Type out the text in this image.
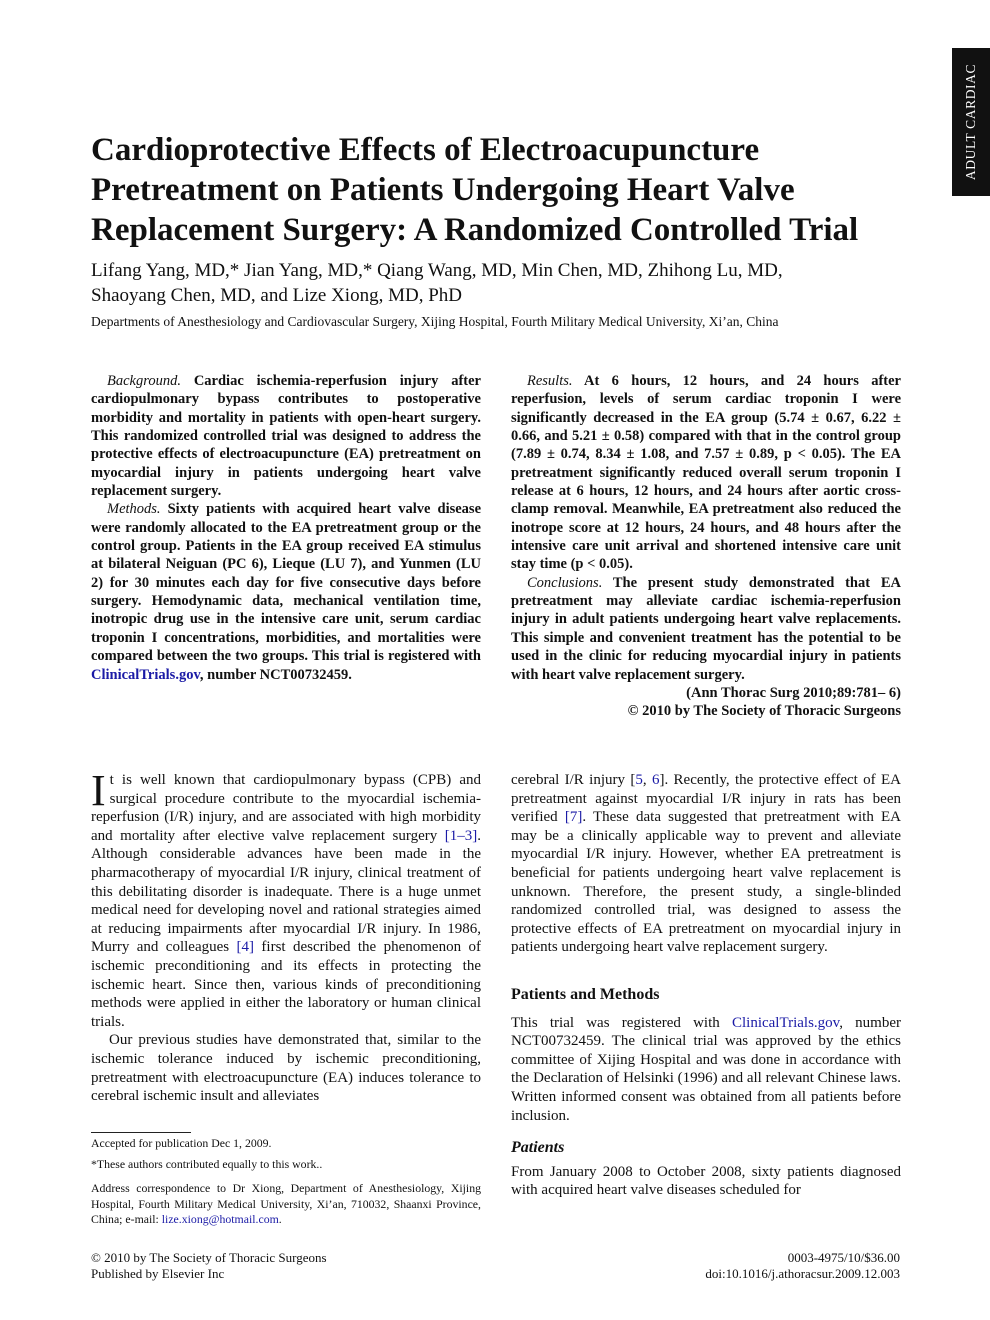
ADULT CARDIAC
Cardioprotective Effects of Electroacupuncture Pretreatment on Patients Undergoing Heart Valve Replacement Surgery: A Randomized Controlled Trial
Lifang Yang, MD,* Jian Yang, MD,* Qiang Wang, MD, Min Chen, MD, Zhihong Lu, MD,
Shaoyang Chen, MD, and Lize Xiong, MD, PhD
Departments of Anesthesiology and Cardiovascular Surgery, Xijing Hospital, Fourth Military Medical University, Xi’an, China

Background. Cardiac ischemia-reperfusion injury after cardiopulmonary bypass contributes to postoperative morbidity and mortality in patients with open-heart surgery. This randomized controlled trial was designed to address the protective effects of electroacupuncture (EA) pretreatment on myocardial injury in patients undergoing heart valve replacement surgery.

Methods. Sixty patients with acquired heart valve disease were randomly allocated to the EA pretreatment group or the control group. Patients in the EA group received EA stimulus at bilateral Neiguan (PC 6), Lieque (LU 7), and Yunmen (LU 2) for 30 minutes each day for five consecutive days before surgery. Hemodynamic data, mechanical ventilation time, inotropic drug use in the intensive care unit, serum cardiac troponin I concentrations, morbidities, and mortalities were compared between the two groups. This trial is registered with ClinicalTrials.gov, number NCT00732459.

Results. At 6 hours, 12 hours, and 24 hours after reperfusion, levels of serum cardiac troponin I were significantly decreased in the EA group (5.74 ± 0.67, 6.22 ± 0.66, and 5.21 ± 0.58) compared with that in the control group (7.89 ± 0.74, 8.34 ± 1.08, and 7.57 ± 0.89, p < 0.05). The EA pretreatment significantly reduced overall serum troponin I release at 6 hours, 12 hours, and 24 hours after aortic cross-clamp removal. Meanwhile, EA pretreatment also reduced the inotrope score at 12 hours, 24 hours, and 48 hours after the intensive care unit arrival and shortened intensive care unit stay time (p < 0.05).

Conclusions. The present study demonstrated that EA pretreatment may alleviate cardiac ischemia-reperfusion injury in adult patients undergoing heart valve replacements. This simple and convenient treatment has the potential to be used in the clinic for reducing myocardial injury in patients with heart valve replacement surgery.

(Ann Thorac Surg 2010;89:781– 6)
© 2010 by The Society of Thoracic Surgeons

It is well known that cardiopulmonary bypass (CPB) and surgical procedure contribute to the myocardial ischemia-reperfusion (I/R) injury, and are associated with high morbidity and mortality after elective valve replacement surgery [1–3]. Although considerable advances have been made in the pharmacotherapy of myocardial I/R injury, clinical treatment of this debilitating disorder is inadequate. There is a huge unmet medical need for developing novel and rational strategies aimed at reducing impairments after myocardial I/R injury. In 1986, Murry and colleagues [4] first described the phenomenon of ischemic preconditioning and its effects in protecting the ischemic heart. Since then, various kinds of preconditioning methods were applied in either the laboratory or human clinical trials.

Our previous studies have demonstrated that, similar to the ischemic tolerance induced by ischemic preconditioning, pretreatment with electroacupuncture (EA) induces tolerance to cerebral ischemic insult and alleviates

cerebral I/R injury [5, 6]. Recently, the protective effect of EA pretreatment against myocardial I/R injury in rats has been verified [7]. These data suggested that pretreatment with EA may be a clinically applicable way to prevent and alleviate myocardial I/R injury. However, whether EA pretreatment is beneficial for patients undergoing heart valve replacement is unknown. Therefore, the present study, a single-blinded randomized controlled trial, was designed to assess the protective effects of EA pretreatment on myocardial injury in patients undergoing heart valve replacement surgery.

Patients and Methods

This trial was registered with ClinicalTrials.gov, number NCT00732459. The clinical trial was approved by the ethics committee of Xijing Hospital and was done in accordance with the Declaration of Helsinki (1996) and all relevant Chinese laws. Written informed consent was obtained from all patients before inclusion.

Patients

From January 2008 to October 2008, sixty patients diagnosed with acquired heart valve diseases scheduled for

Accepted for publication Dec 1, 2009.

*These authors contributed equally to this work..

Address correspondence to Dr Xiong, Department of Anesthesiology, Xijing Hospital, Fourth Military Medical University, Xi’an, 710032, Shaanxi Province, China; e-mail: lize.xiong@hotmail.com.

© 2010 by The Society of Thoracic Surgeons
Published by Elsevier Inc
0003-4975/10/$36.00
doi:10.1016/j.athoracsur.2009.12.003
